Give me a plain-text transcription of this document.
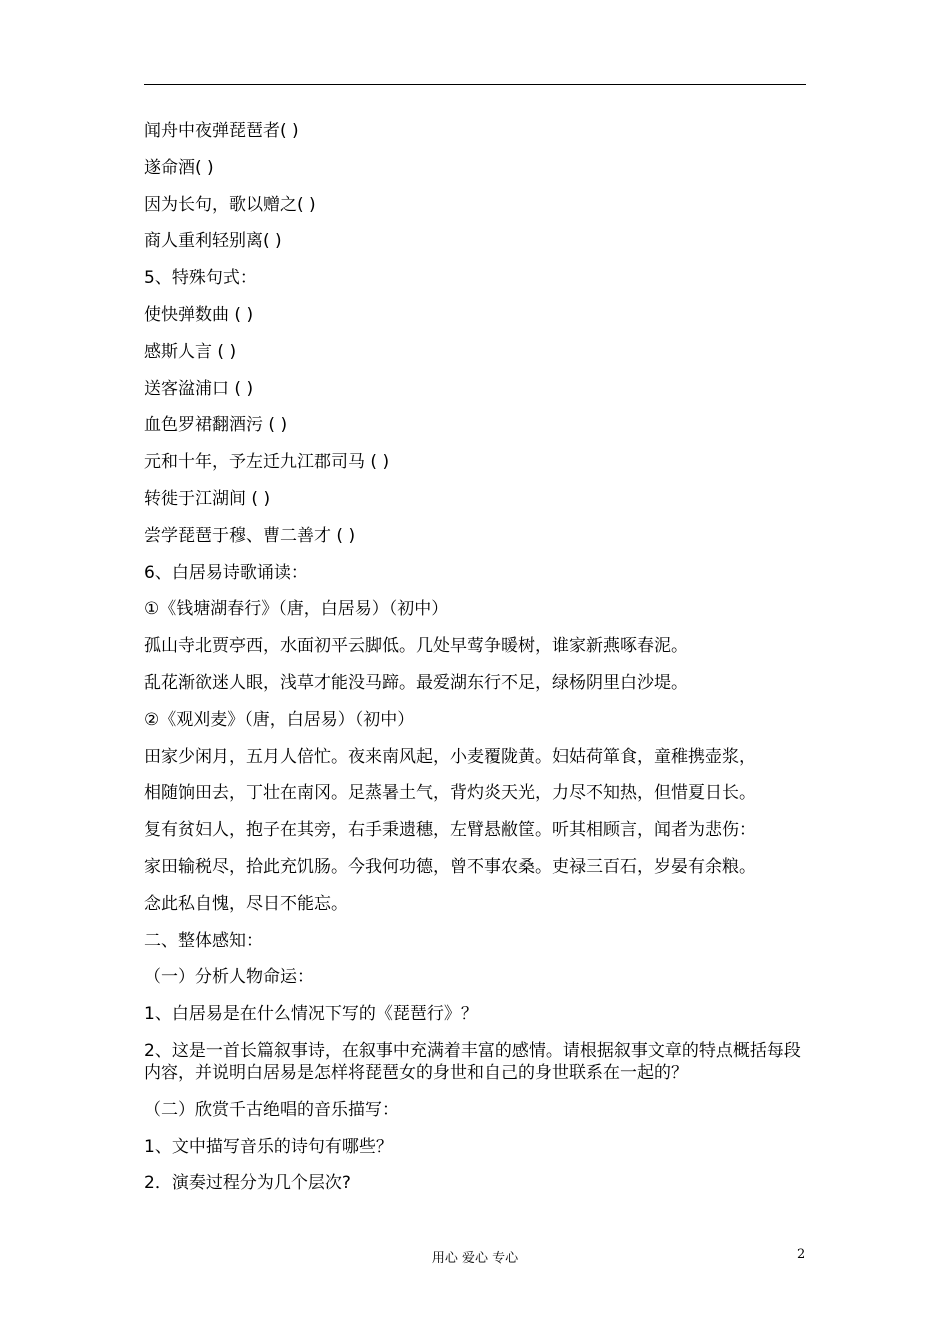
闻舟中夜弹琵琶者( )
遂命酒( )
因为长句，歌以赠之( )
商人重利轻别离( )
5、特殊句式：
使快弹数曲 ( )
感斯人言 ( )
送客湓浦口 ( )
血色罗裙翻酒污 ( )
元和十年，予左迁九江郡司马 ( )
转徙于江湖间 ( )
尝学琵琶于穆、曹二善才 ( )
6、白居易诗歌诵读：
①《钱塘湖春行》（唐，白居易）（初中）
孤山寺北贾亭西，水面初平云脚低。几处早莺争暖树，谁家新燕啄春泥。
乱花渐欲迷人眼，浅草才能没马蹄。最爱湖东行不足，绿杨阴里白沙堤。
②《观刈麦》（唐，白居易）（初中）
田家少闲月，五月人倍忙。夜来南风起，小麦覆陇黄。妇姑荷箪食，童稚携壶浆，
相随饷田去，丁壮在南冈。足蒸暑土气，背灼炎天光，力尽不知热，但惜夏日长。
复有贫妇人，抱子在其旁，右手秉遗穗，左臂悬敝筐。听其相顾言，闻者为悲伤：
家田输税尽，拾此充饥肠。今我何功德，曾不事农桑。吏禄三百石，岁晏有余粮。
念此私自愧，尽日不能忘。
二、整体感知：
（一）分析人物命运：
1、白居易是在什么情况下写的《琵琶行》？
2、这是一首长篇叙事诗，在叙事中充满着丰富的感情。请根据叙事文章的特点概括每段内容，并说明白居易是怎样将琵琶女的身世和自己的身世联系在一起的？
（二）欣赏千古绝唱的音乐描写：
1、文中描写音乐的诗句有哪些？
2．演奏过程分为几个层次?
用心 爱心 专心	2
